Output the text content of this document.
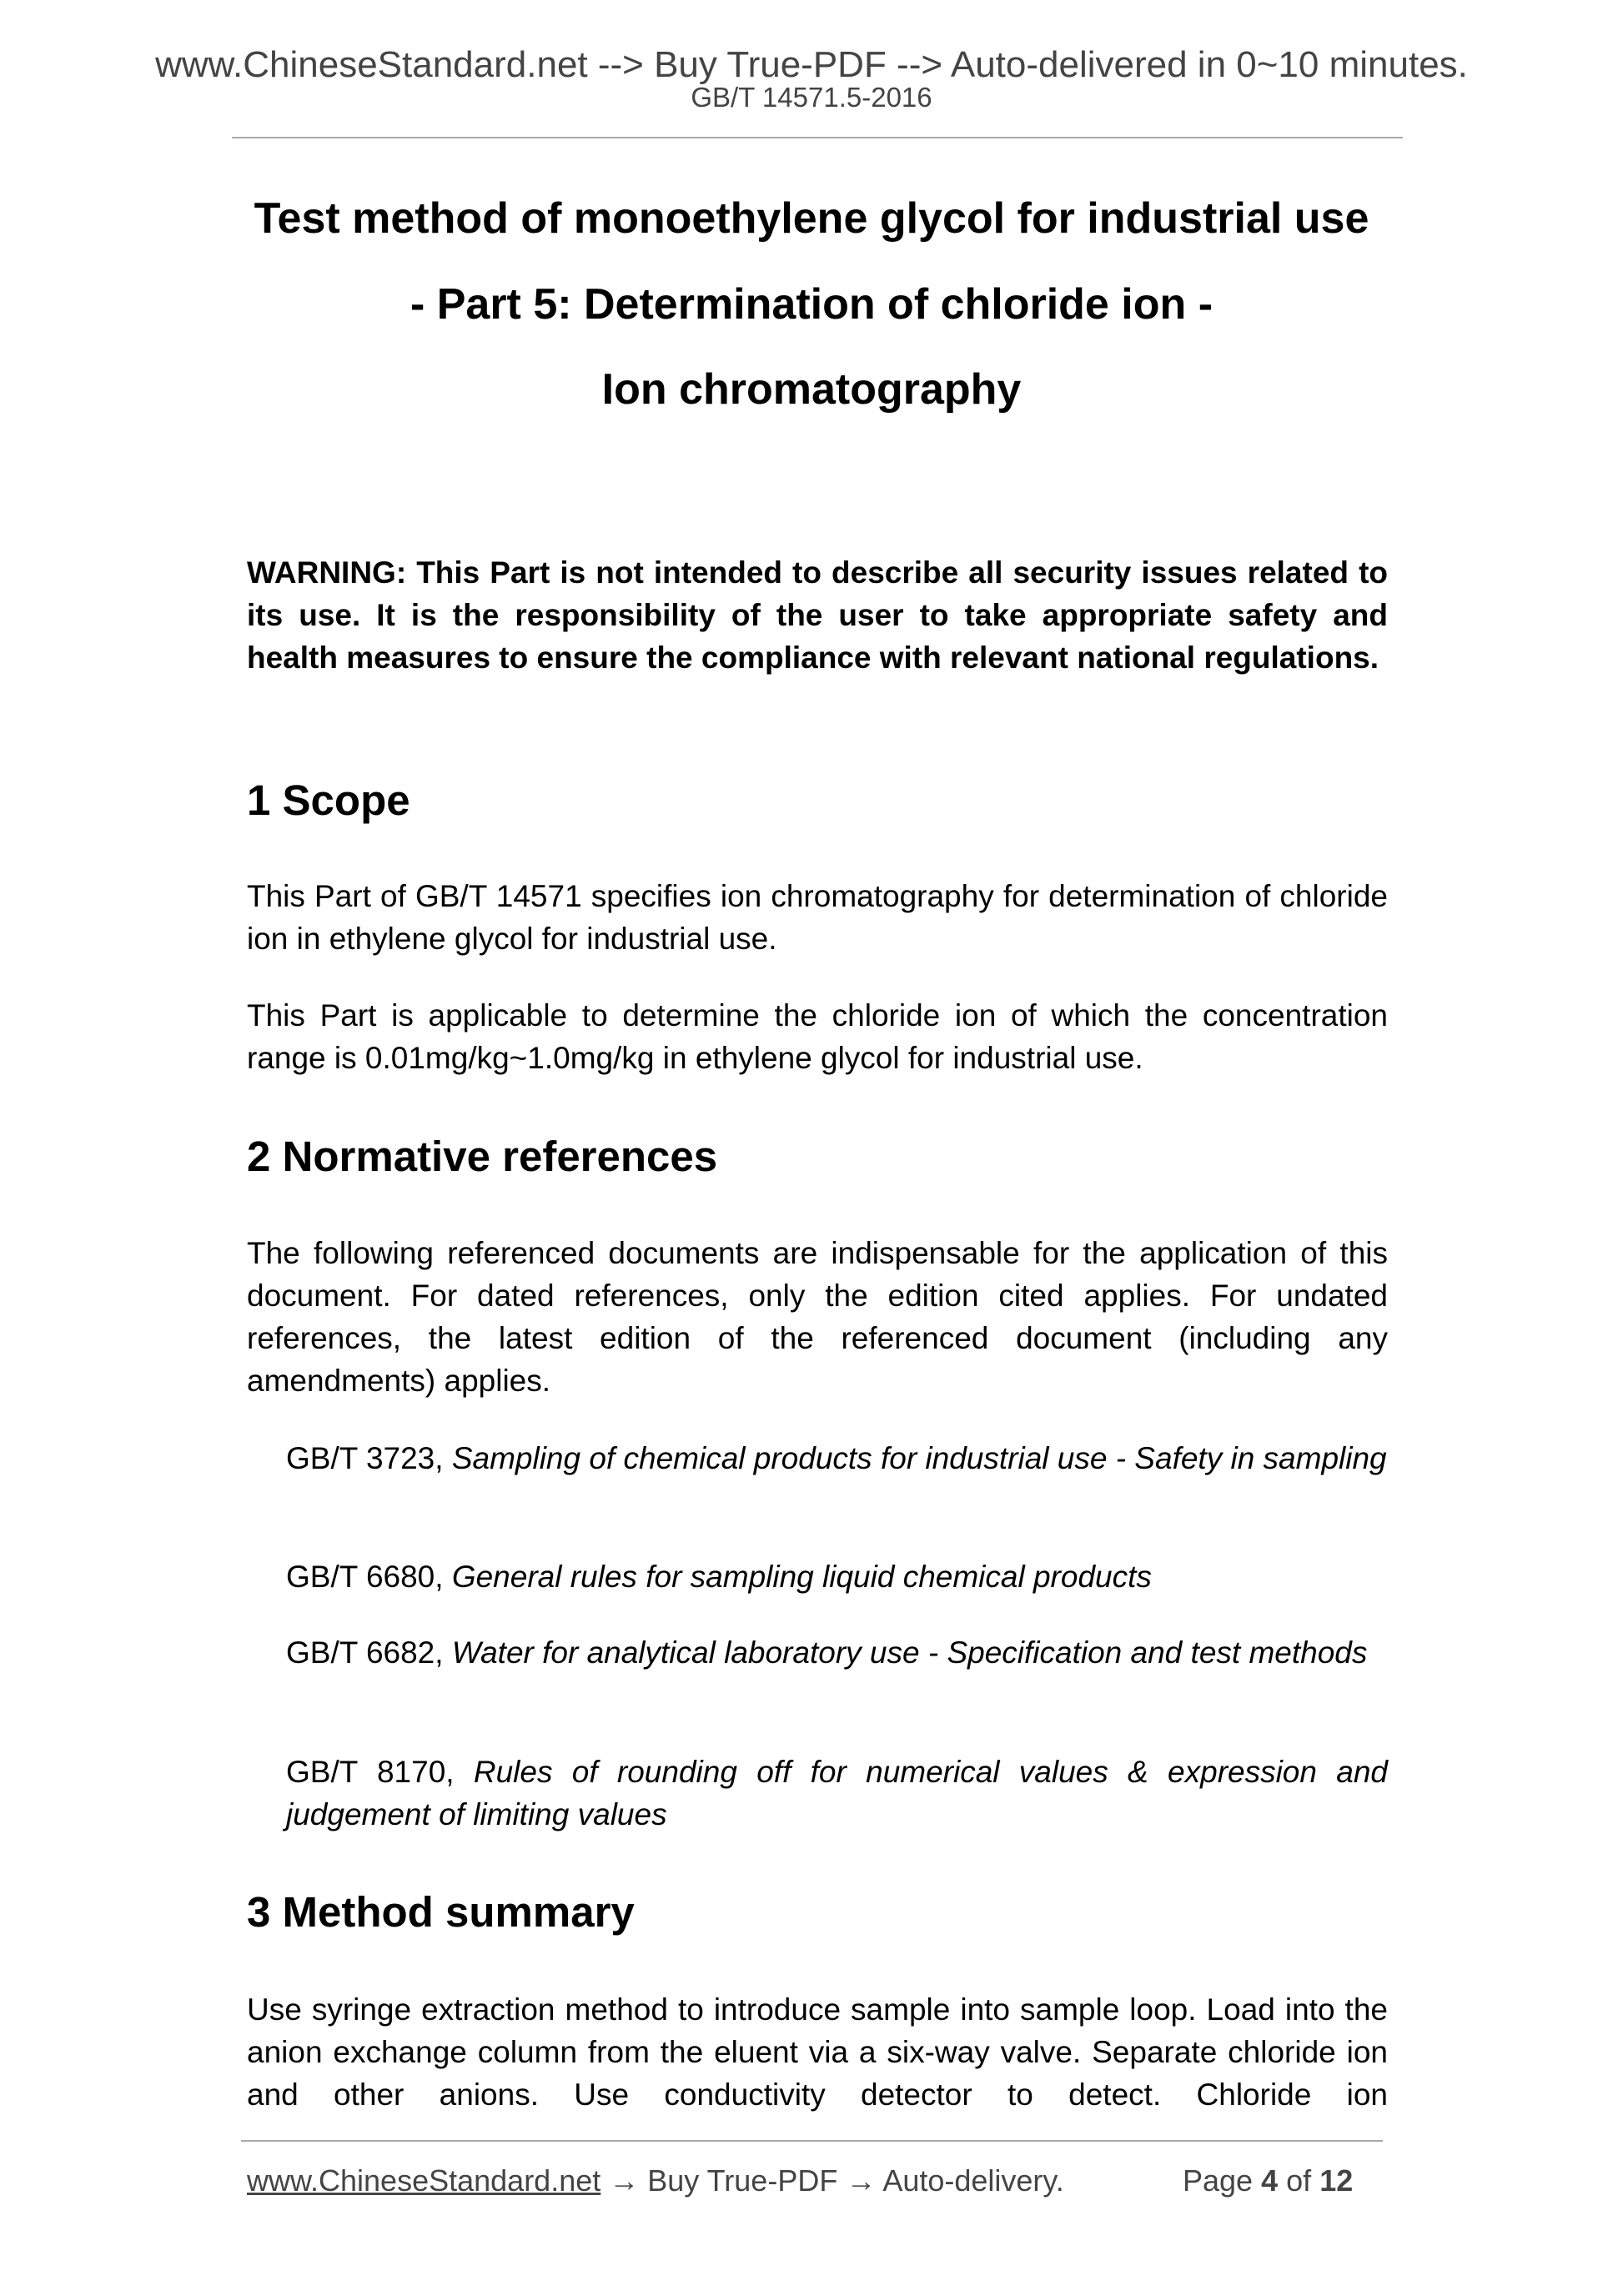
www.ChineseStandard.net --> Buy True-PDF --> Auto-delivered in 0~10 minutes.
GB/T 14571.5-2016
Test method of monoethylene glycol for industrial use
- Part 5: Determination of chloride ion -
Ion chromatography

WARNING: This Part is not intended to describe all security issues related to its use. It is the responsibility of the user to take appropriate safety and health measures to ensure the compliance with relevant national regulations.

1 Scope

This Part of GB/T 14571 specifies ion chromatography for determination of chloride ion in ethylene glycol for industrial use.

This Part is applicable to determine the chloride ion of which the concentration range is 0.01mg/kg~1.0mg/kg in ethylene glycol for industrial use.

2 Normative references

The following referenced documents are indispensable for the application of this document. For dated references, only the edition cited applies. For undated references, the latest edition of the referenced document (including any amendments) applies.

GB/T 3723, Sampling of chemical products for industrial use - Safety in sampling

GB/T 6680, General rules for sampling liquid chemical products

GB/T 6682, Water for analytical laboratory use - Specification and test methods

GB/T 8170, Rules of rounding off for numerical values & expression and judgement of limiting values

3 Method summary

Use syringe extraction method to introduce sample into sample loop. Load into the anion exchange column from the eluent via a six-way valve. Separate chloride ion and other anions. Use conductivity detector to detect. Chloride ion

www.ChineseStandard.net → Buy True-PDF → Auto-delivery.	Page 4 of 12
